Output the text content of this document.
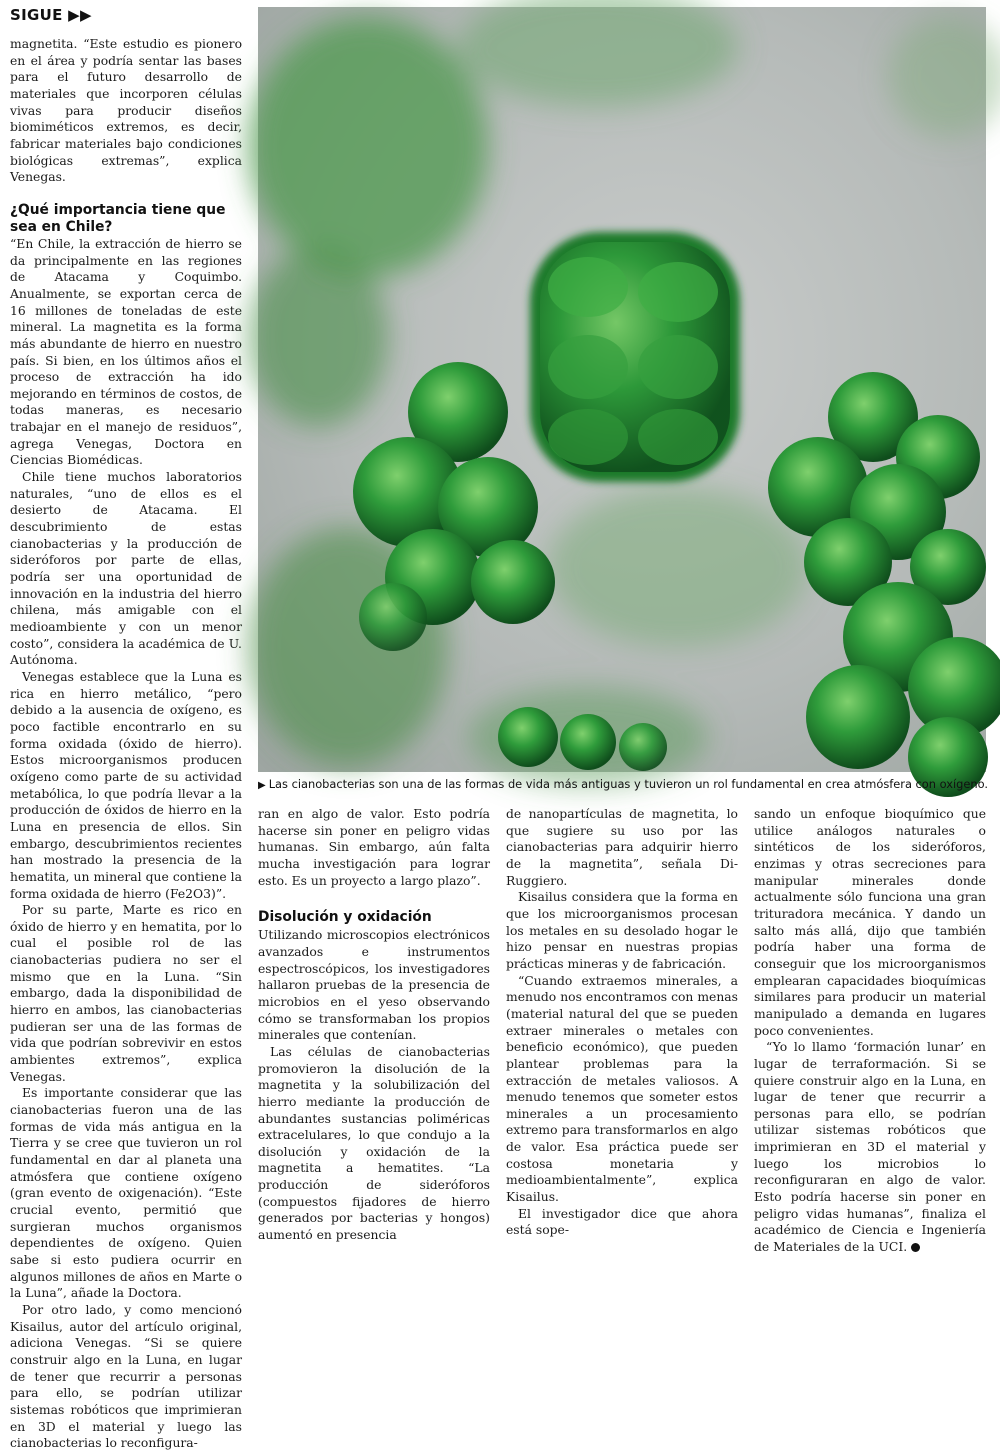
SIGUE ▶▶

magnetita. “Este estudio es pionero en el área y podría sentar las bases para el futuro desarrollo de materiales que incorporen células vivas para producir diseños biomiméticos extremos, es decir, fabricar materiales bajo condiciones biológicas extremas”, explica Venegas.

¿Qué importancia tiene que sea en Chile?

“En Chile, la extracción de hierro se da principalmente en las regiones de Atacama y Coquimbo. Anualmente, se exportan cerca de 16 millones de toneladas de este mineral. La magnetita es la forma más abundante de hierro en nuestro país. Si bien, en los últimos años el proceso de extracción ha ido mejorando en términos de costos, de todas maneras, es necesario trabajar en el manejo de residuos”, agrega Venegas, Doctora en Ciencias Biomédicas.

Chile tiene muchos laboratorios naturales, “uno de ellos es el desierto de Atacama. El descubrimiento de estas cianobacterias y la producción de sideróforos por parte de ellas, podría ser una oportunidad de innovación en la industria del hierro chilena, más amigable con el medioambiente y con un menor costo”, considera la académica de U. Autónoma.

Venegas establece que la Luna es rica en hierro metálico, “pero debido a la ausencia de oxígeno, es poco factible encontrarlo en su forma oxidada (óxido de hierro). Estos microorganismos producen oxígeno como parte de su actividad metabólica, lo que podría llevar a la producción de óxidos de hierro en la Luna en presencia de ellos. Sin embargo, descubrimientos recientes han mostrado la presencia de la hematita, un mineral que contiene la forma oxidada de hierro (Fe2O3)”.

Por su parte, Marte es rico en óxido de hierro y en hematita, por lo cual el posible rol de las cianobacterias pudiera no ser el mismo que en la Luna. “Sin embargo, dada la disponibilidad de hierro en ambos, las cianobacterias pudieran ser una de las formas de vida que podrían sobrevivir en estos ambientes extremos”, explica Venegas.

Es importante considerar que las cianobacterias fueron una de las formas de vida más antigua en la Tierra y se cree que tuvieron un rol fundamental en dar al planeta una atmósfera que contiene oxígeno (gran evento de oxigenación). “Este crucial evento, permitió que surgieran muchos organismos dependientes de oxígeno. Quien sabe si esto pudiera ocurrir en algunos millones de años en Marte o la Luna”, añade la Doctora.

Por otro lado, y como mencionó Kisailus, autor del artículo original, adiciona Venegas. “Si se quiere construir algo en la Luna, en lugar de tener que recurrir a personas para ello, se podrían utilizar sistemas robóticos que imprimieran en 3D el material y luego las cianobacterias lo reconfigura-

▶ Las cianobacterias son una de las formas de vida más antiguas y tuvieron un rol fundamental en crea atmósfera con oxígeno.

ran en algo de valor. Esto podría hacerse sin poner en peligro vidas humanas. Sin embargo, aún falta mucha investigación para lograr esto. Es un proyecto a largo plazo”.

Disolución y oxidación

Utilizando microscopios electrónicos avanzados e instrumentos espectroscópicos, los investigadores hallaron pruebas de la presencia de microbios en el yeso observando cómo se transformaban los propios minerales que contenían.

Las células de cianobacterias promovieron la disolución de la magnetita y la solubilización del hierro mediante la producción de abundantes sustancias poliméricas extracelulares, lo que condujo a la disolución y oxidación de la magnetita a hematites. “La producción de sideróforos (compuestos fijadores de hierro generados por bacterias y hongos) aumentó en presencia

de nanopartículas de magnetita, lo que sugiere su uso por las cianobacterias para adquirir hierro de la magnetita”, señala Di-Ruggiero.

Kisailus considera que la forma en que los microorganismos procesan los metales en su desolado hogar le hizo pensar en nuestras propias prácticas mineras y de fabricación.

“Cuando extraemos minerales, a menudo nos encontramos con menas (material natural del que se pueden extraer minerales o metales con beneficio económico), que pueden plantear problemas para la extracción de metales valiosos. A menudo tenemos que someter estos minerales a un procesamiento extremo para transformarlos en algo de valor. Esa práctica puede ser costosa monetaria y medioambientalmente”, explica Kisailus.

El investigador dice que ahora está sope-

sando un enfoque bioquímico que utilice análogos naturales o sintéticos de los sideróforos, enzimas y otras secreciones para manipular minerales donde actualmente sólo funciona una gran trituradora mecánica. Y dando un salto más allá, dijo que también podría haber una forma de conseguir que los microorganismos emplearan capacidades bioquímicas similares para producir un material manipulado a demanda en lugares poco convenientes.

“Yo lo llamo ‘formación lunar’ en lugar de terraformación. Si se quiere construir algo en la Luna, en lugar de tener que recurrir a personas para ello, se podrían utilizar sistemas robóticos que imprimieran en 3D el material y luego los microbios lo reconfiguraran en algo de valor. Esto podría hacerse sin poner en peligro vidas humanas”, finaliza el académico de Ciencia e Ingeniería de Materiales de la UCI.
